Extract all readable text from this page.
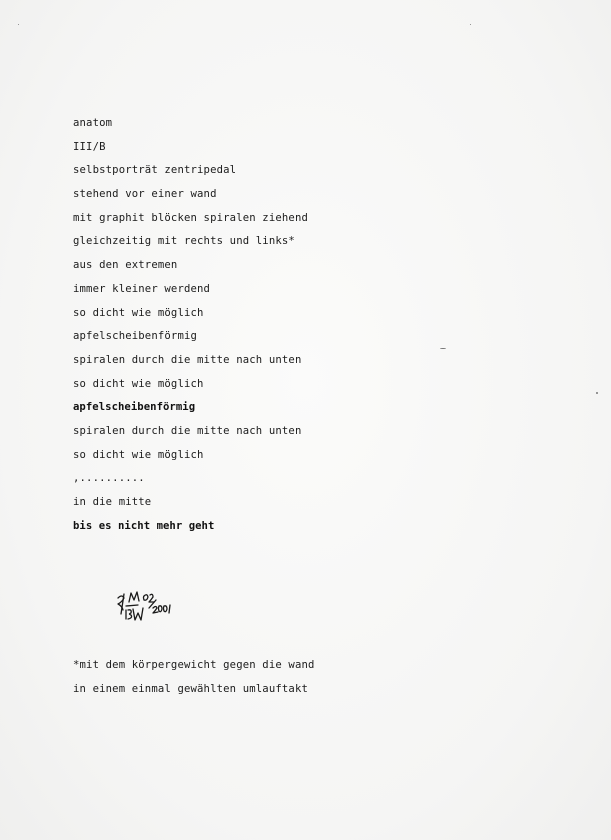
anatom
III/B
selbstporträt zentripedal
stehend vor einer wand
mit graphit blöcken spiralen ziehend
gleichzeitig mit rechts und links*
aus den extremen
immer kleiner werdend
so dicht wie möglich
apfelscheibenförmig
spiralen durch die mitte nach unten
so dicht wie möglich
apfelscheibenförmig
spiralen durch die mitte nach unten
so dicht wie möglich
,..........
in die mitte
bis es nicht mehr geht
*mit dem körpergewicht gegen die wand
in einem einmal gewählten umlauftakt
